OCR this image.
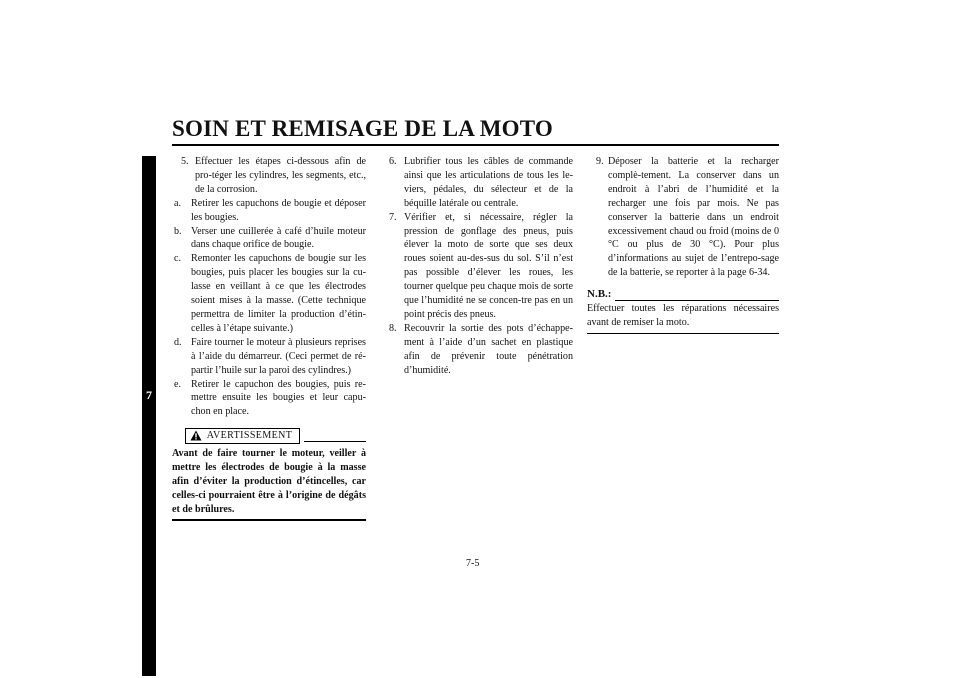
SOIN ET REMISAGE DE LA MOTO
7
5. Effectuer les étapes ci-dessous afin de pro-téger les cylindres, les segments, etc., de la corrosion.
a. Retirer les capuchons de bougie et déposer les bougies.
b. Verser une cuillerée à café d’huile moteur dans chaque orifice de bougie.
c. Remonter les capuchons de bougie sur les bougies, puis placer les bougies sur la cu-lasse en veillant à ce que les électrodes soient mises à la masse. (Cette technique permettra de limiter la production d’étin-celles à l’étape suivante.)
d. Faire tourner le moteur à plusieurs reprises à l’aide du démarreur. (Ceci permet de ré-partir l’huile sur la paroi des cylindres.)
e. Retirer le capuchon des bougies, puis re-mettre ensuite les bougies et leur capu-chon en place.
AVERTISSEMENT
Avant de faire tourner le moteur, veiller à mettre les électrodes de bougie à la masse afin d’éviter la production d’étincelles, car celles-ci pourraient être à l’origine de dégâts et de brûlures.
6. Lubrifier tous les câbles de commande ainsi que les articulations de tous les le-viers, pédales, du sélecteur et de la béquille latérale ou centrale.
7. Vérifier et, si nécessaire, régler la pression de gonflage des pneus, puis élever la moto de sorte que ses deux roues soient au-des-sus du sol. S’il n’est pas possible d’élever les roues, les tourner quelque peu chaque mois de sorte que l’humidité ne se concen-tre pas en un point précis des pneus.
8. Recouvrir la sortie des pots d’échappe-ment à l’aide d’un sachet en plastique afin de prévenir toute pénétration d’humidité.
9. Déposer la batterie et la recharger complè-tement. La conserver dans un endroit à l’abri de l’humidité et la recharger une fois par mois. Ne pas conserver la batterie dans un endroit excessivement chaud ou froid (moins de 0 °C ou plus de 30 °C). Pour plus d’informations au sujet de l’entrepo-sage de la batterie, se reporter à la page 6-34.
N.B.:
Effectuer toutes les réparations nécessaires avant de remiser la moto.
7-5
